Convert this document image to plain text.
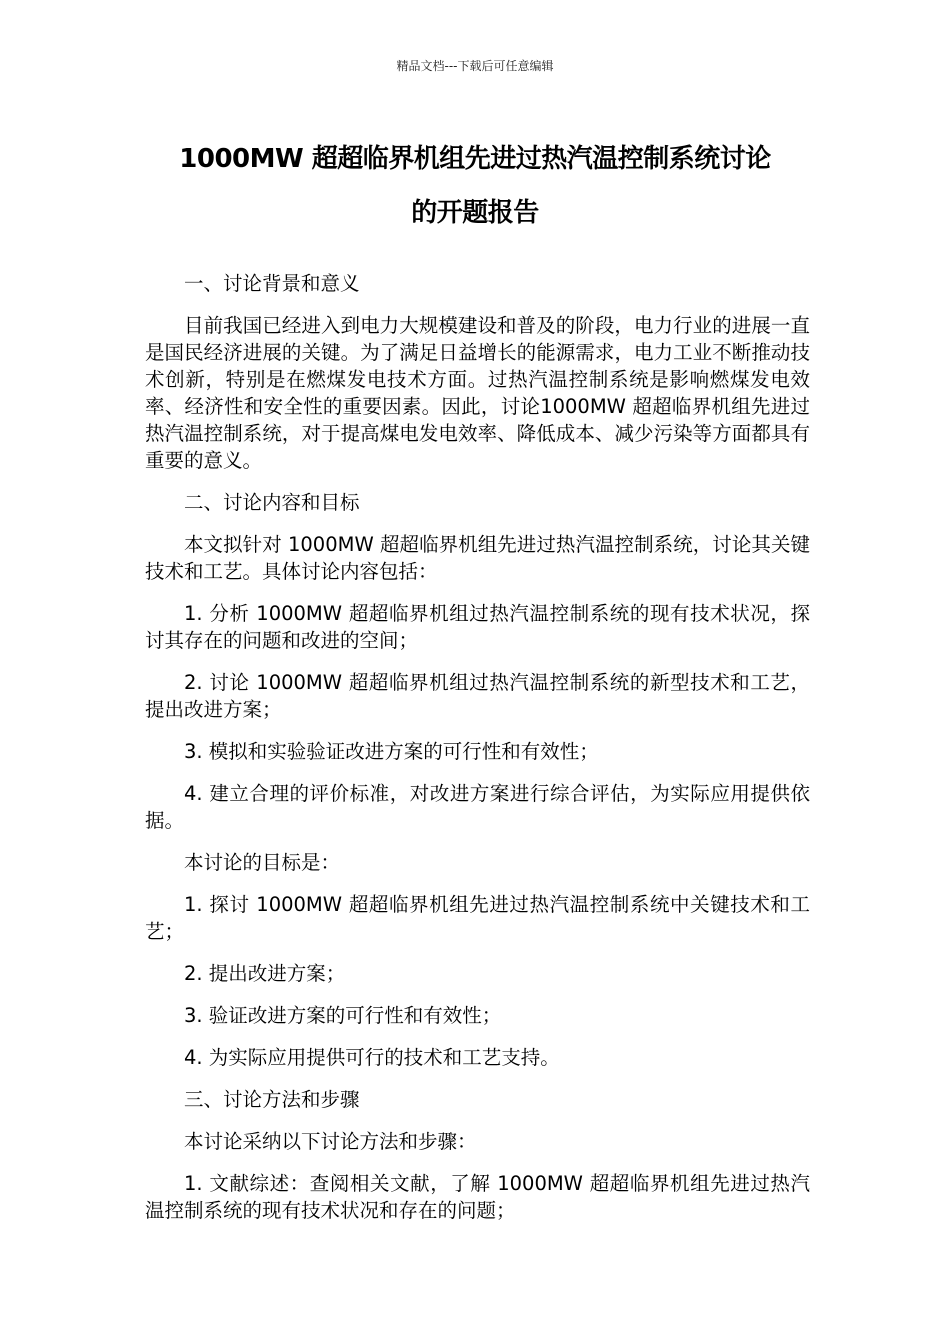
精品文档---下载后可任意编辑
1000MW 超超临界机组先进过热汽温控制系统讨论
的开题报告

一、讨论背景和意义

目前我国已经进入到电力大规模建设和普及的阶段，电力行业的进展一直是国民经济进展的关键。为了满足日益增长的能源需求，电力工业不断推动技术创新，特别是在燃煤发电技术方面。过热汽温控制系统是影响燃煤发电效率、经济性和安全性的重要因素。因此，讨论1000MW 超超临界机组先进过热汽温控制系统，对于提高煤电发电效率、降低成本、减少污染等方面都具有重要的意义。

二、讨论内容和目标

本文拟针对 1000MW 超超临界机组先进过热汽温控制系统，讨论其关键技术和工艺。具体讨论内容包括：

1. 分析 1000MW 超超临界机组过热汽温控制系统的现有技术状况，探讨其存在的问题和改进的空间；

2. 讨论 1000MW 超超临界机组过热汽温控制系统的新型技术和工艺，提出改进方案；

3. 模拟和实验验证改进方案的可行性和有效性；

4. 建立合理的评价标准，对改进方案进行综合评估，为实际应用提供依据。

本讨论的目标是：

1. 探讨 1000MW 超超临界机组先进过热汽温控制系统中关键技术和工艺；

2. 提出改进方案；

3. 验证改进方案的可行性和有效性；

4. 为实际应用提供可行的技术和工艺支持。

三、讨论方法和步骤

本讨论采纳以下讨论方法和步骤：

1. 文献综述：查阅相关文献，了解 1000MW 超超临界机组先进过热汽温控制系统的现有技术状况和存在的问题；
